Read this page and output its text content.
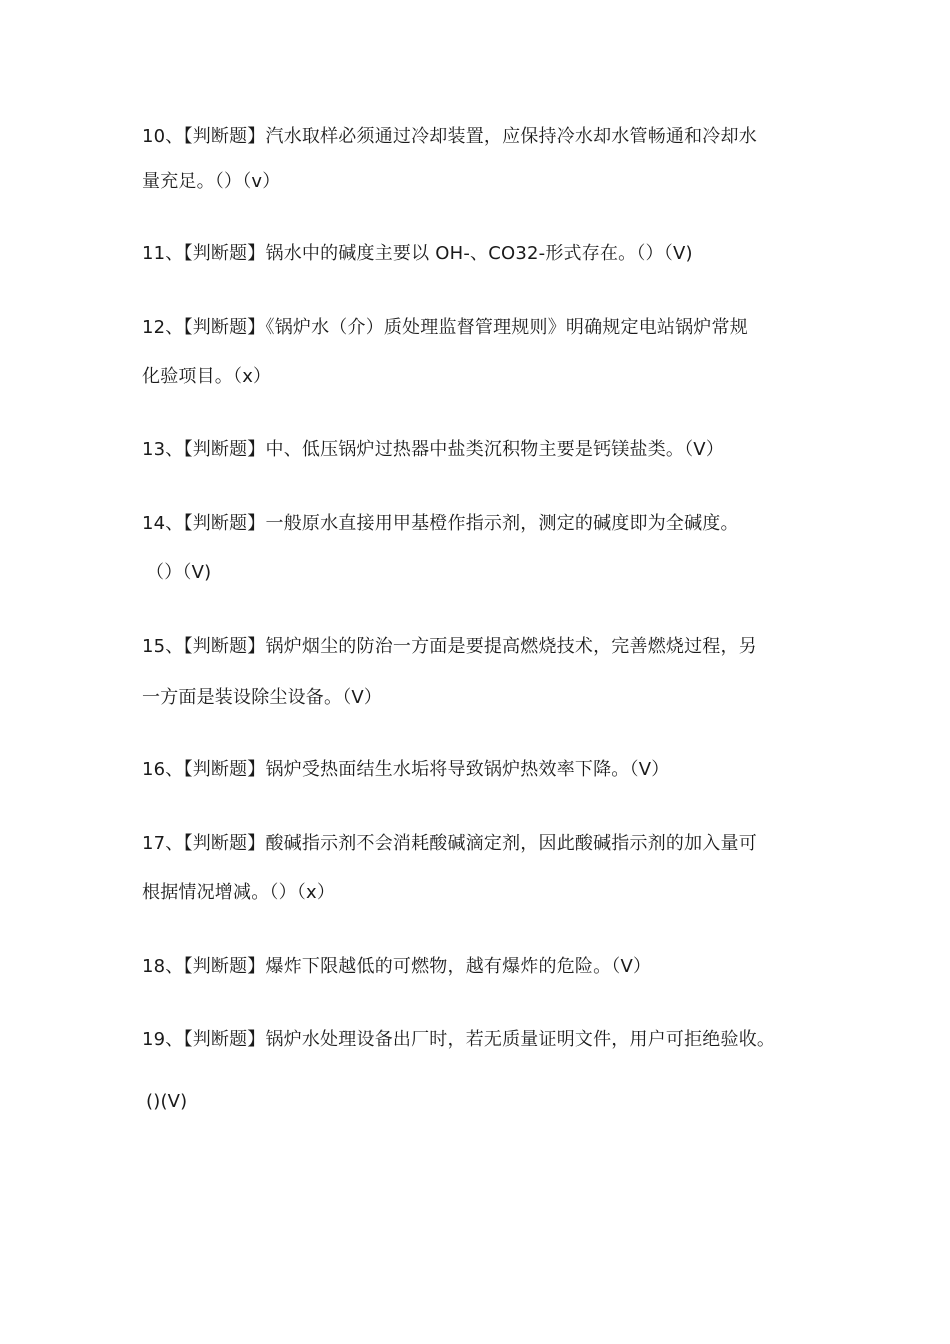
10、【判断题】汽水取样必须通过冷却装置，应保持冷水却水管畅通和冷却水
量充足。（）（v）
11、【判断题】锅水中的碱度主要以 OH-、CO32-形式存在。（）（V)
12、【判断题】《锅炉水（介）质处理监督管理规则》明确规定电站锅炉常规
化验项目。（x）
13、【判断题】中、低压锅炉过热器中盐类沉积物主要是钙镁盐类。（V）
14、【判断题】一般原水直接用甲基橙作指示剂，测定的碱度即为全碱度。
（）（V)
15、【判断题】锅炉烟尘的防治一方面是要提高燃烧技术，完善燃烧过程，另
一方面是装设除尘设备。（V）
16、【判断题】锅炉受热面结生水垢将导致锅炉热效率下降。（V）
17、【判断题】酸碱指示剂不会消耗酸碱滴定剂，因此酸碱指示剂的加入量可
根据情况增减。（）（x）
18、【判断题】爆炸下限越低的可燃物，越有爆炸的危险。（V）
19、【判断题】锅炉水处理设备出厂时，若无质量证明文件，用户可拒绝验收。
()(V)
